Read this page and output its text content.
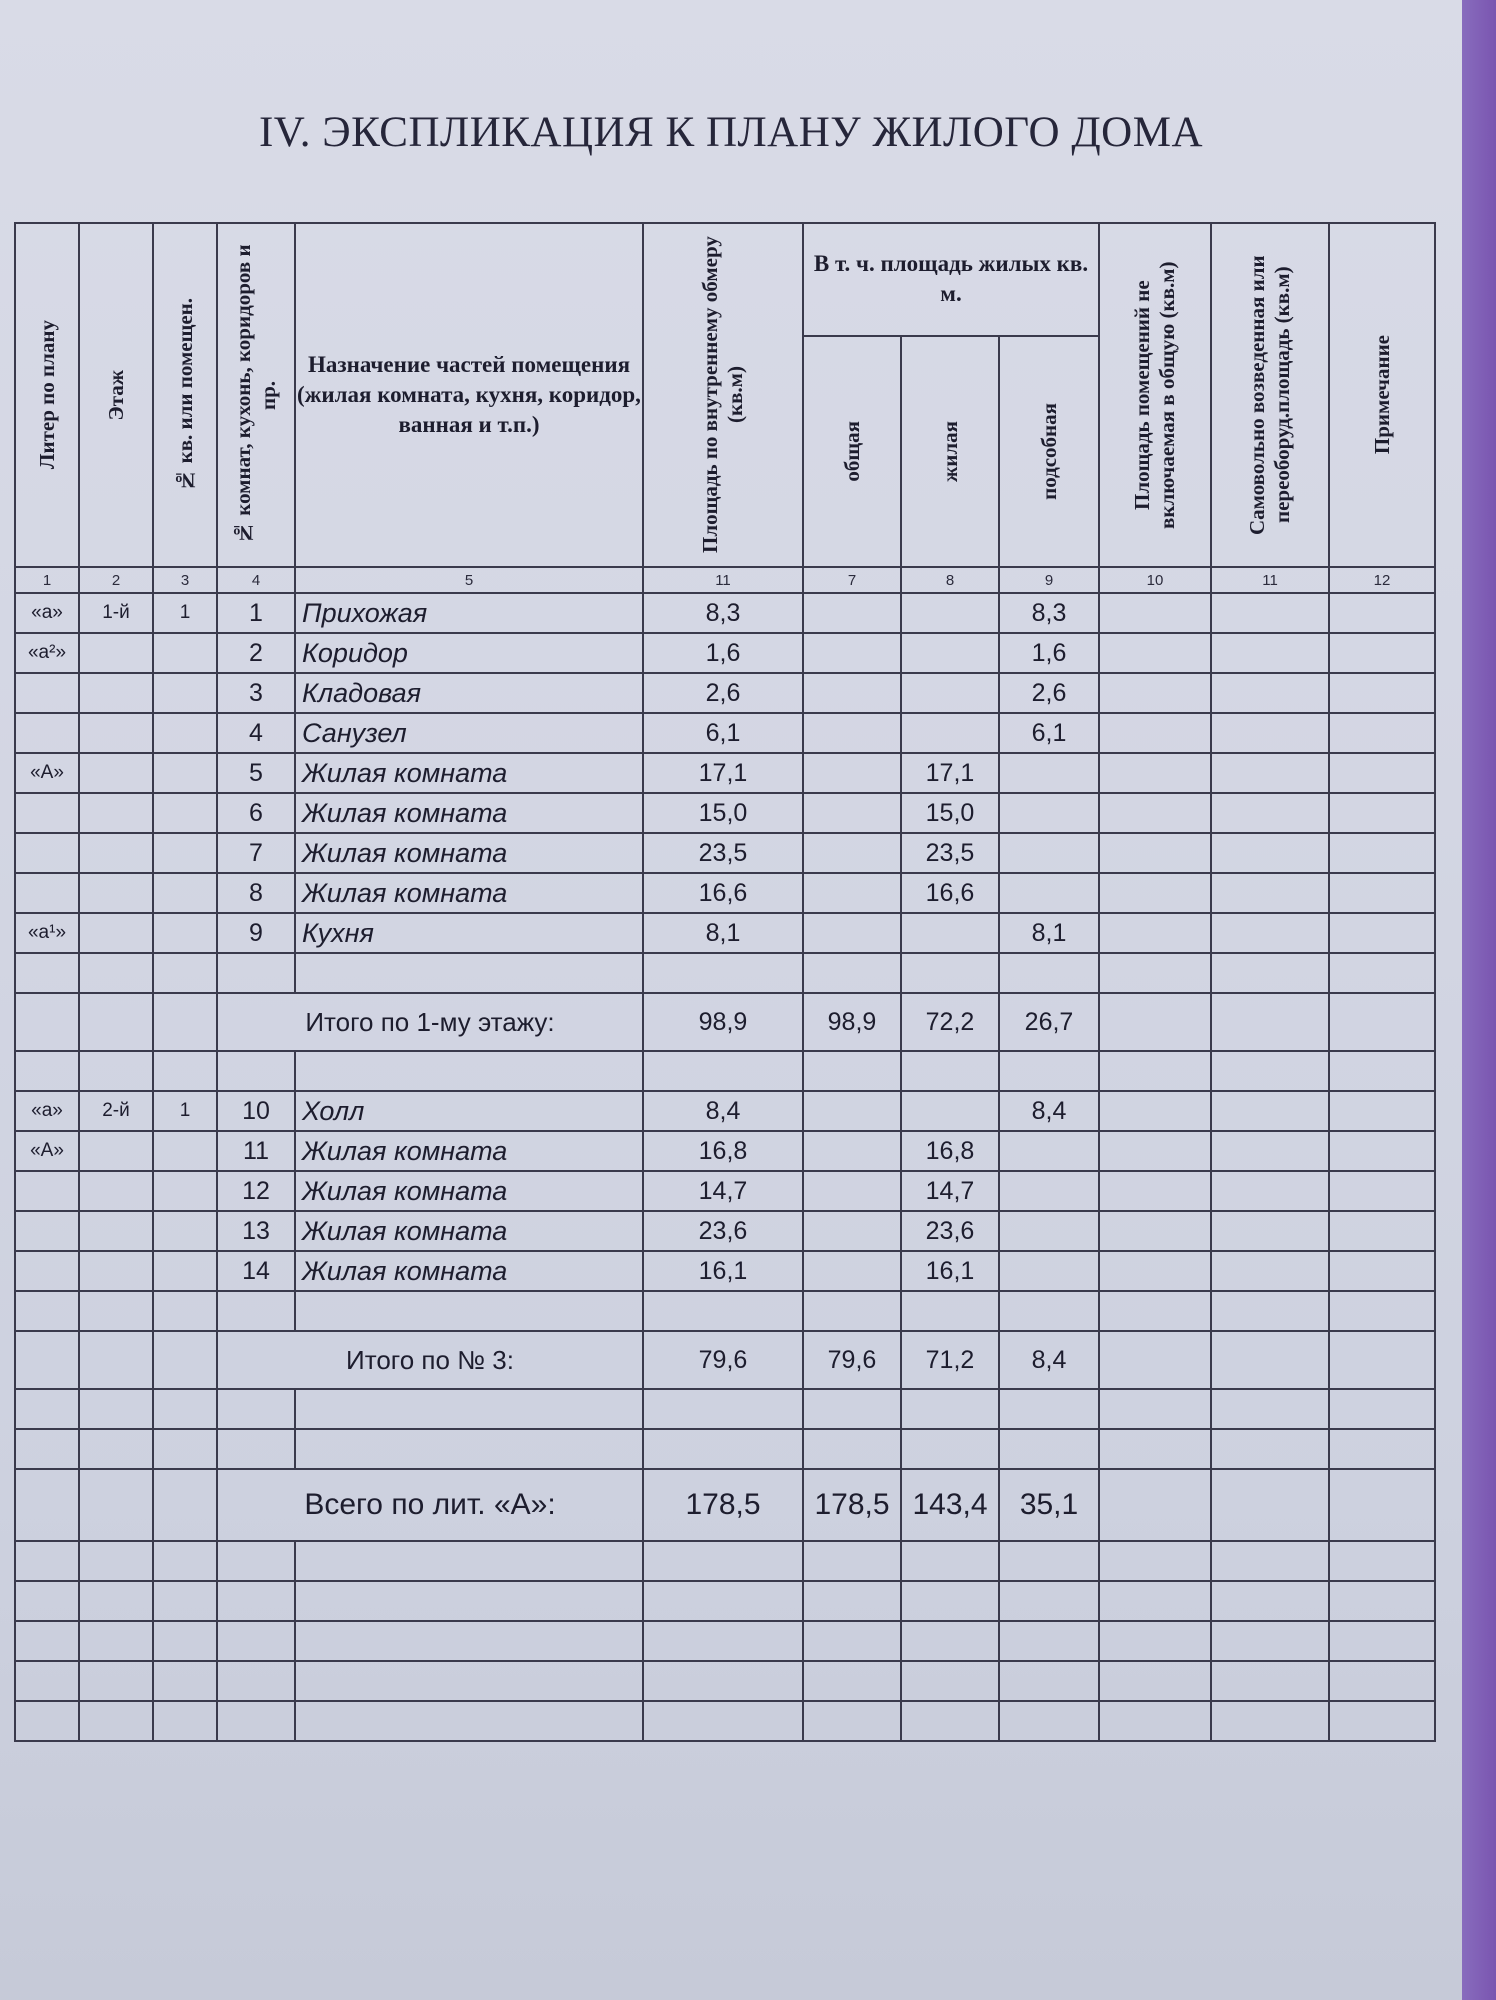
IV. ЭКСПЛИКАЦИЯ К ПЛАНУ ЖИЛОГО ДОМА
Литер по плану	Этаж	№ кв. или помещен.	№ комнат, кухонь, коридоров и пр.	Назначение частей помещения (жилая комната, кухня, коридор, ванная и т.п.)	Площадь по внутреннему обмеру (кв.м)	В т. ч. площадь жилых кв. м.			Площадь помещений не включаемая в общую (кв.м)	Самовольно возведенная или переоборуд.площадь (кв.м)	Примечание

						общая	жилая	подсобная			

1	2	3	4	5	11	7	8	9	10	11	12
«а»	1-й	1	1	Прихожая	8,3			8,3			
«а²»			2	Коридор	1,6			1,6			
			3	Кладовая	2,6			2,6			
			4	Санузел	6,1			6,1			
«А»			5	Жилая комната	17,1		17,1				
			6	Жилая комната	15,0		15,0				
			7	Жилая комната	23,5		23,5				
			8	Жилая комната	16,6		16,6				
«а¹»			9	Кухня	8,1			8,1			

			Итого по 1-му этажу:		98,9	98,9	72,2	26,7			

«а»	2-й	1	10	Холл	8,4			8,4			
«А»			11	Жилая комната	16,8		16,8				
			12	Жилая комната	14,7		14,7				
			13	Жилая комната	23,6		23,6				
			14	Жилая комната	16,1		16,1				

			Итого по № 3:		79,6	79,6	71,2	8,4			

			Всего по лит. «А»:		178,5	178,5	143,4	35,1			
